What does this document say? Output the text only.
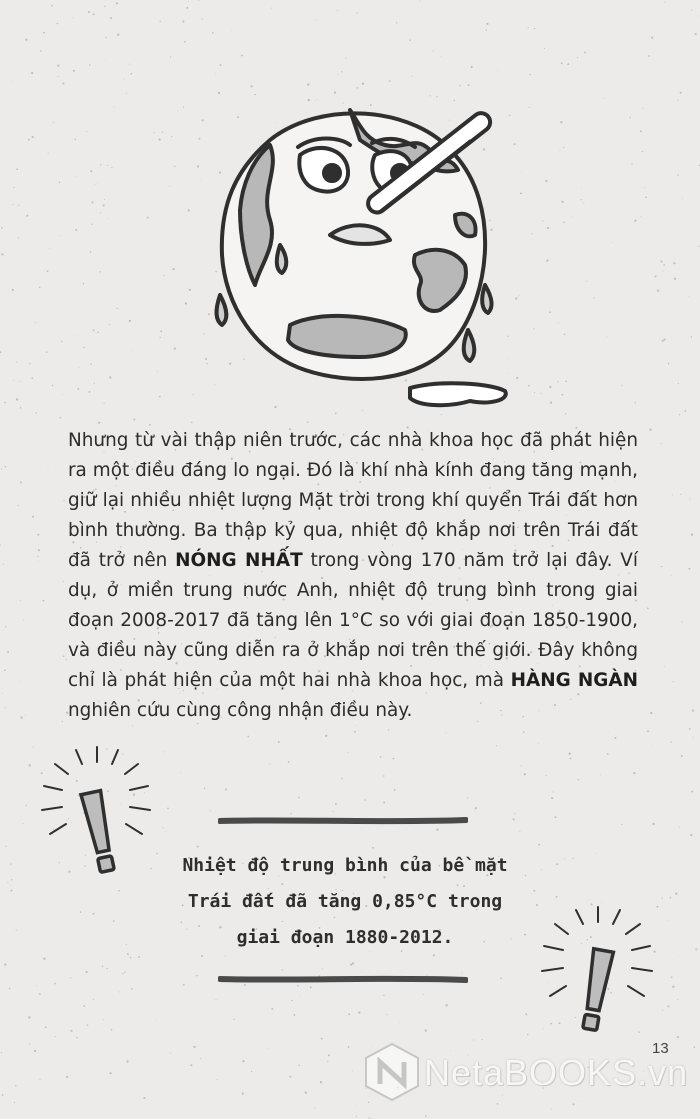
Nhưng từ vài thập niên trước, các nhà khoa học đã phát hiện ra một điều đáng lo ngại. Đó là khí nhà kính đang tăng mạnh, giữ lại nhiều nhiệt lượng Mặt trời trong khí quyển Trái đất hơn bình thường. Ba thập kỷ qua, nhiệt độ khắp nơi trên Trái đất đã trở nên NÓNG NHẤT trong vòng 170 năm trở lại đây. Ví dụ, ở miền trung nước Anh, nhiệt độ trung bình trong giai đoạn 2008-2017 đã tăng lên 1°C so với giai đoạn 1850-1900, và điều này cũng diễn ra ở khắp nơi trên thế giới. Đây không chỉ là phát hiện của một hai nhà khoa học, mà HÀNG NGÀN nghiên cứu cùng công nhận điều này.
Nhiệt độ trung bình của bề mặt
Trái đất đã tăng 0,85°C trong
giai đoạn 1880-2012.
NetaBOOKS.vn
13
